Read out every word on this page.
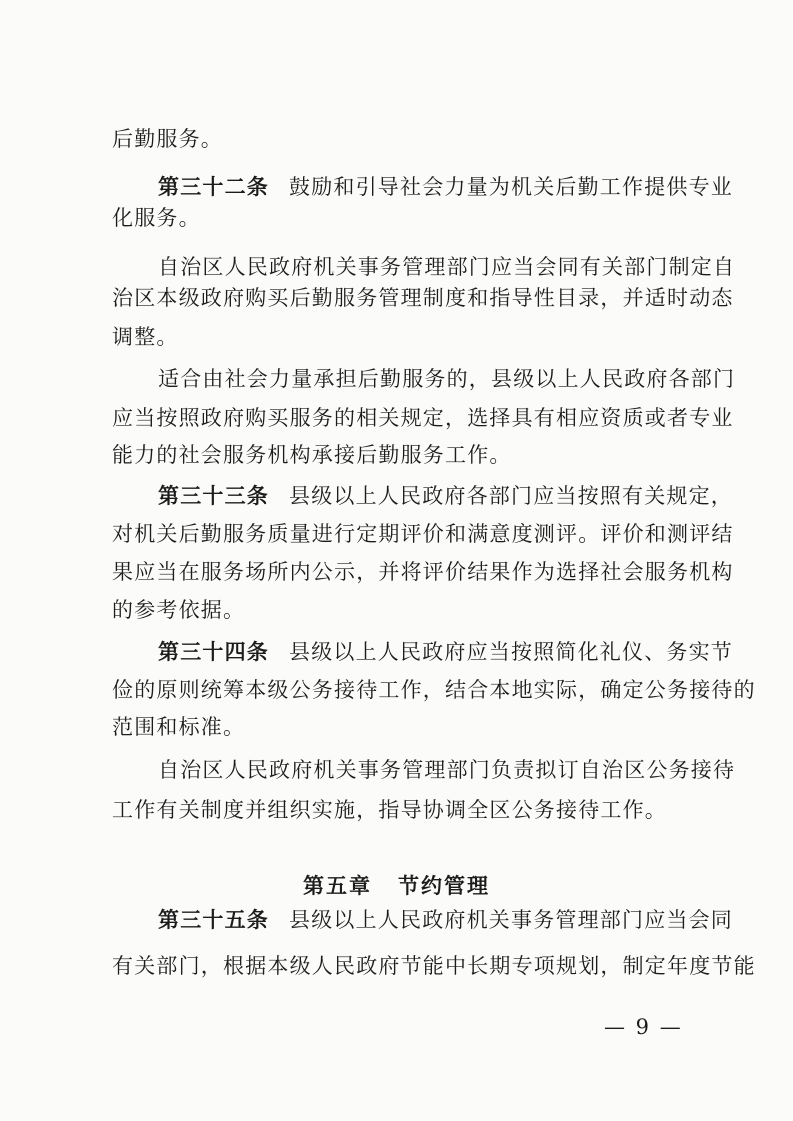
后勤服务。
第三十二条 鼓励和引导社会力量为机关后勤工作提供专业
化服务。
自治区人民政府机关事务管理部门应当会同有关部门制定自
治区本级政府购买后勤服务管理制度和指导性目录，并适时动态
调整。
适合由社会力量承担后勤服务的，县级以上人民政府各部门
应当按照政府购买服务的相关规定，选择具有相应资质或者专业
能力的社会服务机构承接后勤服务工作。
第三十三条 县级以上人民政府各部门应当按照有关规定，
对机关后勤服务质量进行定期评价和满意度测评。评价和测评结
果应当在服务场所内公示，并将评价结果作为选择社会服务机构
的参考依据。
第三十四条 县级以上人民政府应当按照简化礼仪、务实节
俭的原则统筹本级公务接待工作，结合本地实际，确定公务接待的
范围和标准。
自治区人民政府机关事务管理部门负责拟订自治区公务接待
工作有关制度并组织实施，指导协调全区公务接待工作。
第五章 节约管理
第三十五条 县级以上人民政府机关事务管理部门应当会同
有关部门，根据本级人民政府节能中长期专项规划，制定年度节能
— 9 —
